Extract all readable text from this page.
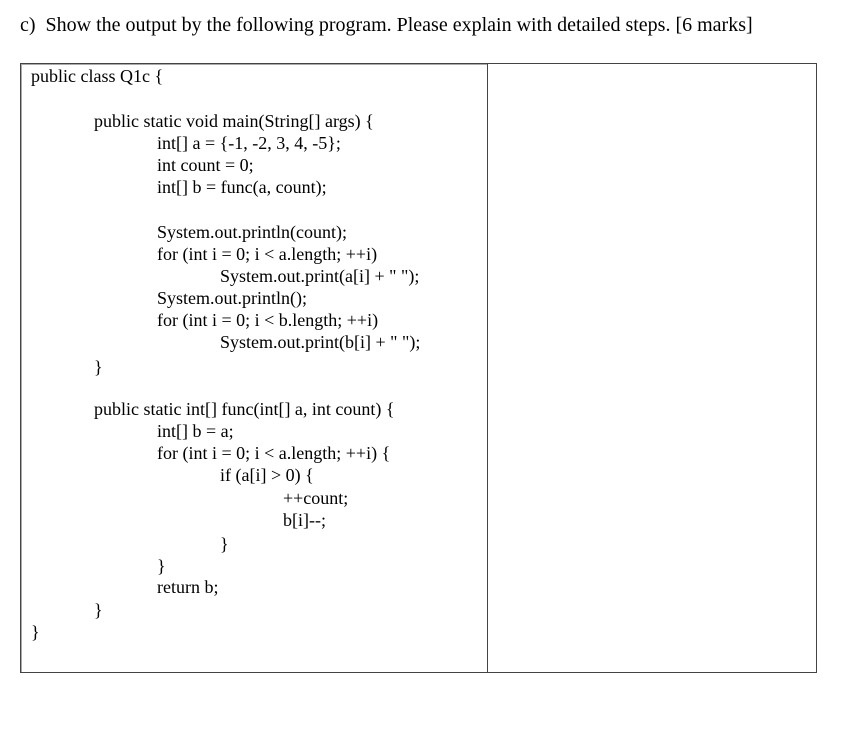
c) Show the output by the following program. Please explain with detailed steps. [6 marks]
public class Q1c {
public static void main(String[] args) {
int[] a = {-1, -2, 3, 4, -5};
int count = 0;
int[] b = func(a, count);
System.out.println(count);
for (int i = 0; i < a.length; ++i)
System.out.print(a[i] + " ");
System.out.println();
for (int i = 0; i < b.length; ++i)
System.out.print(b[i] + " ");
}
public static int[] func(int[] a, int count) {
int[] b = a;
for (int i = 0; i < a.length; ++i) {
if (a[i] > 0) {
++count;
b[i]--;
}
}
return b;
}
}
